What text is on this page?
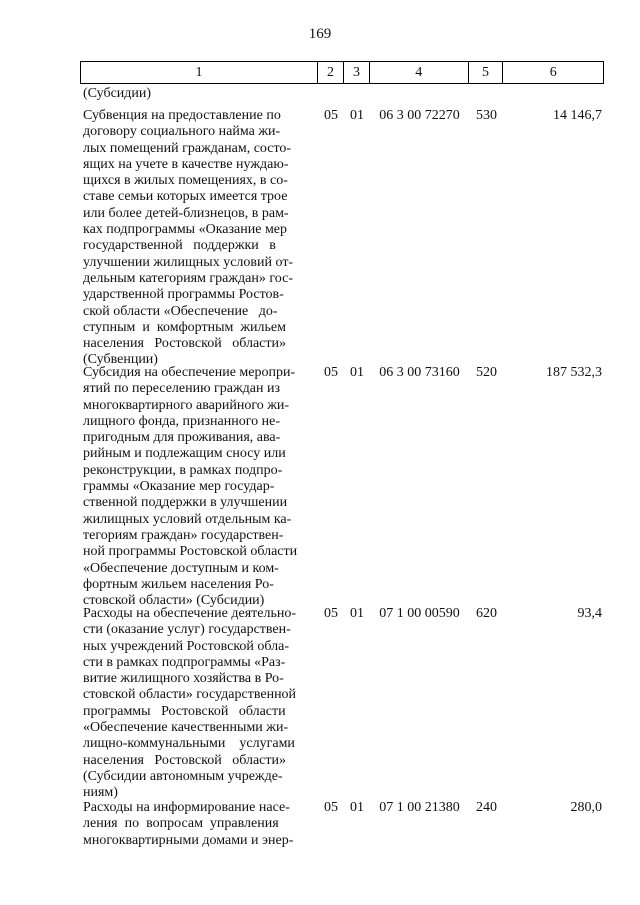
169
1	2	3	4	5	6
(Субсидии)
Субвенция на предоставление по
договору социального найма жи-
лых помещений гражданам, состо-
ящих на учете в качестве нуждаю-
щихся в жилых помещениях, в со-
ставе семьи которых имеется трое
или более детей-близнецов, в рам-
ках подпрограммы «Оказание мер
государственной   поддержки   в
улучшении жилищных условий от-
дельным категориям граждан» гос-
ударственной программы Ростов-
ской области «Обеспечение   до-
ступным  и  комфортным  жильем
населения   Ростовской   области»
(Субвенции)
05 01	06 3 00 72270	530	14 146,7
Субсидия на обеспечение меропри-
ятий по переселению граждан из
многоквартирного аварийного жи-
лищного фонда, признанного не-
пригодным для проживания, ава-
рийным и подлежащим сносу или
реконструкции, в рамках подпро-
граммы «Оказание мер государ-
ственной поддержки в улучшении
жилищных условий отдельным ка-
тегориям граждан» государствен-
ной программы Ростовской области
«Обеспечение доступным и ком-
фортным жильем населения Ро-
стовской области» (Субсидии)
05 01	06 3 00 73160	520	187 532,3
Расходы на обеспечение деятельно-
сти (оказание услуг) государствен-
ных учреждений Ростовской обла-
сти в рамках подпрограммы «Раз-
витие жилищного хозяйства в Ро-
стовской области» государственной
программы   Ростовской   области
«Обеспечение качественными жи-
лищно-коммунальными    услугами
населения   Ростовской   области»
(Субсидии автономным учрежде-
ниям)
05 01	07 1 00 00590	620	93,4
Расходы на информирование насе-
ления  по  вопросам  управления
многоквартирными домами и энер-
05 01	07 1 00 21380	240	280,0
